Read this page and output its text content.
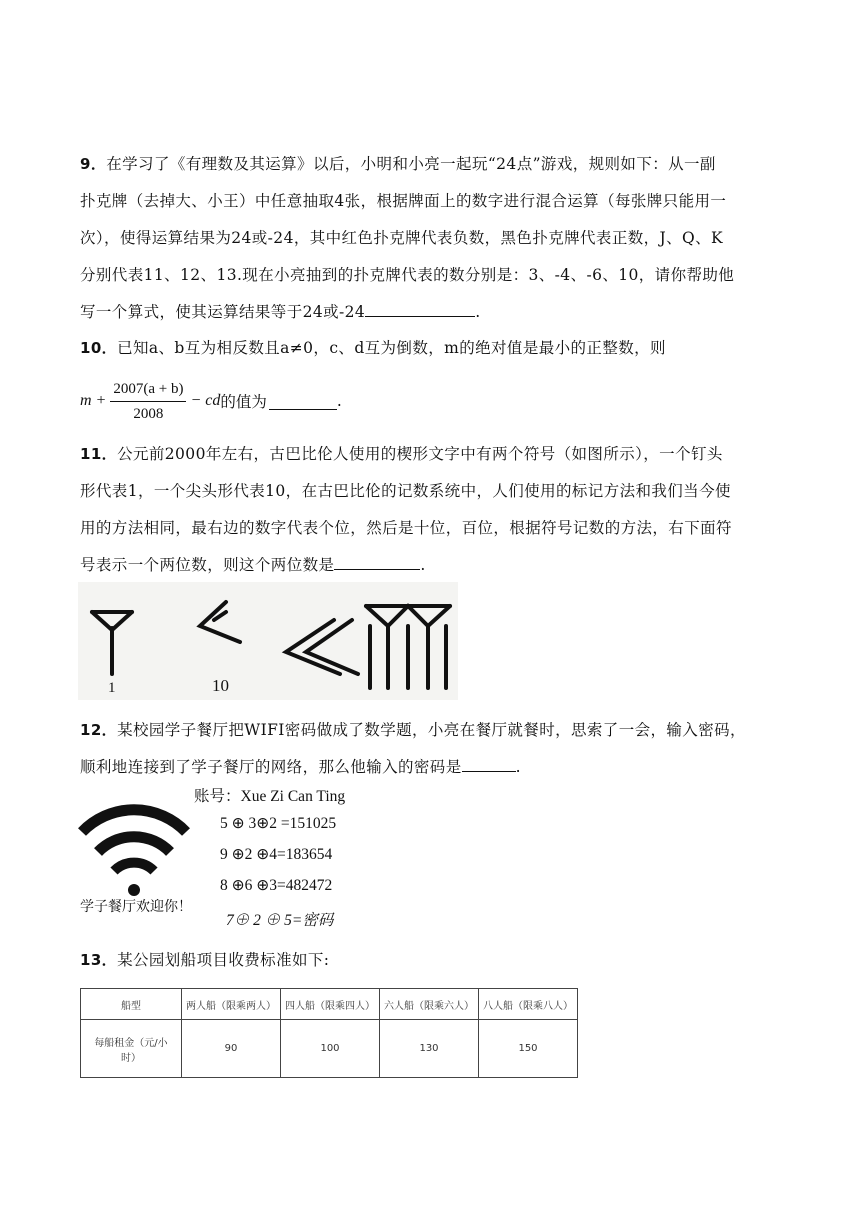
9．在学习了《有理数及其运算》以后，小明和小亮一起玩“24点”游戏，规则如下：从一副
扑克牌（去掉大、小王）中任意抽取4张，根据牌面上的数字进行混合运算（每张牌只能用一
次），使得运算结果为24或-24，其中红色扑克牌代表负数，黑色扑克牌代表正数，J、Q、K
分别代表11、12、13.现在小亮抽到的扑克牌代表的数分别是：3、-4、-6、10，请你帮助他
写一个算式，使其运算结果等于24或-24	.
10．已知a、b互为相反数且a≠0，c、d互为倒数，m的绝对值是最小的正整数，则
$m + \frac{2007(a + b)}{2008}$ − cd 的值为	.
11．公元前2000年左右，古巴比伦人使用的楔形文字中有两个符号（如图所示），一个钉头
形代表1，一个尖头形代表10，在古巴比伦的记数系统中，人们使用的标记方法和我们当今使
用的方法相同，最右边的数字代表个位，然后是十位，百位，根据符号记数的方法，右下面符
号表示一个两位数，则这个两位数是	.
1	10
12．某校园学子餐厅把WIFI密码做成了数学题，小亮在餐厅就餐时，思索了一会，输入密码，
顺利地连接到了学子餐厅的网络，那么他输入的密码是	.
学子餐厅欢迎你！
账号：Xue Zi Can Ting
5 ⊕ 3⊕2 =151025
9 ⊕2 ⊕4=183654
8 ⊕6 ⊕3=482472
7⊕ 2 ⊕ 5=密码
13．某公园划船项目收费标准如下:
船型	两人船（限乘两人）	四人船（限乘四人）	六人船（限乘六人）	八人船（限乘八人）

每船租金（元/小
时）	90	100	130	150
